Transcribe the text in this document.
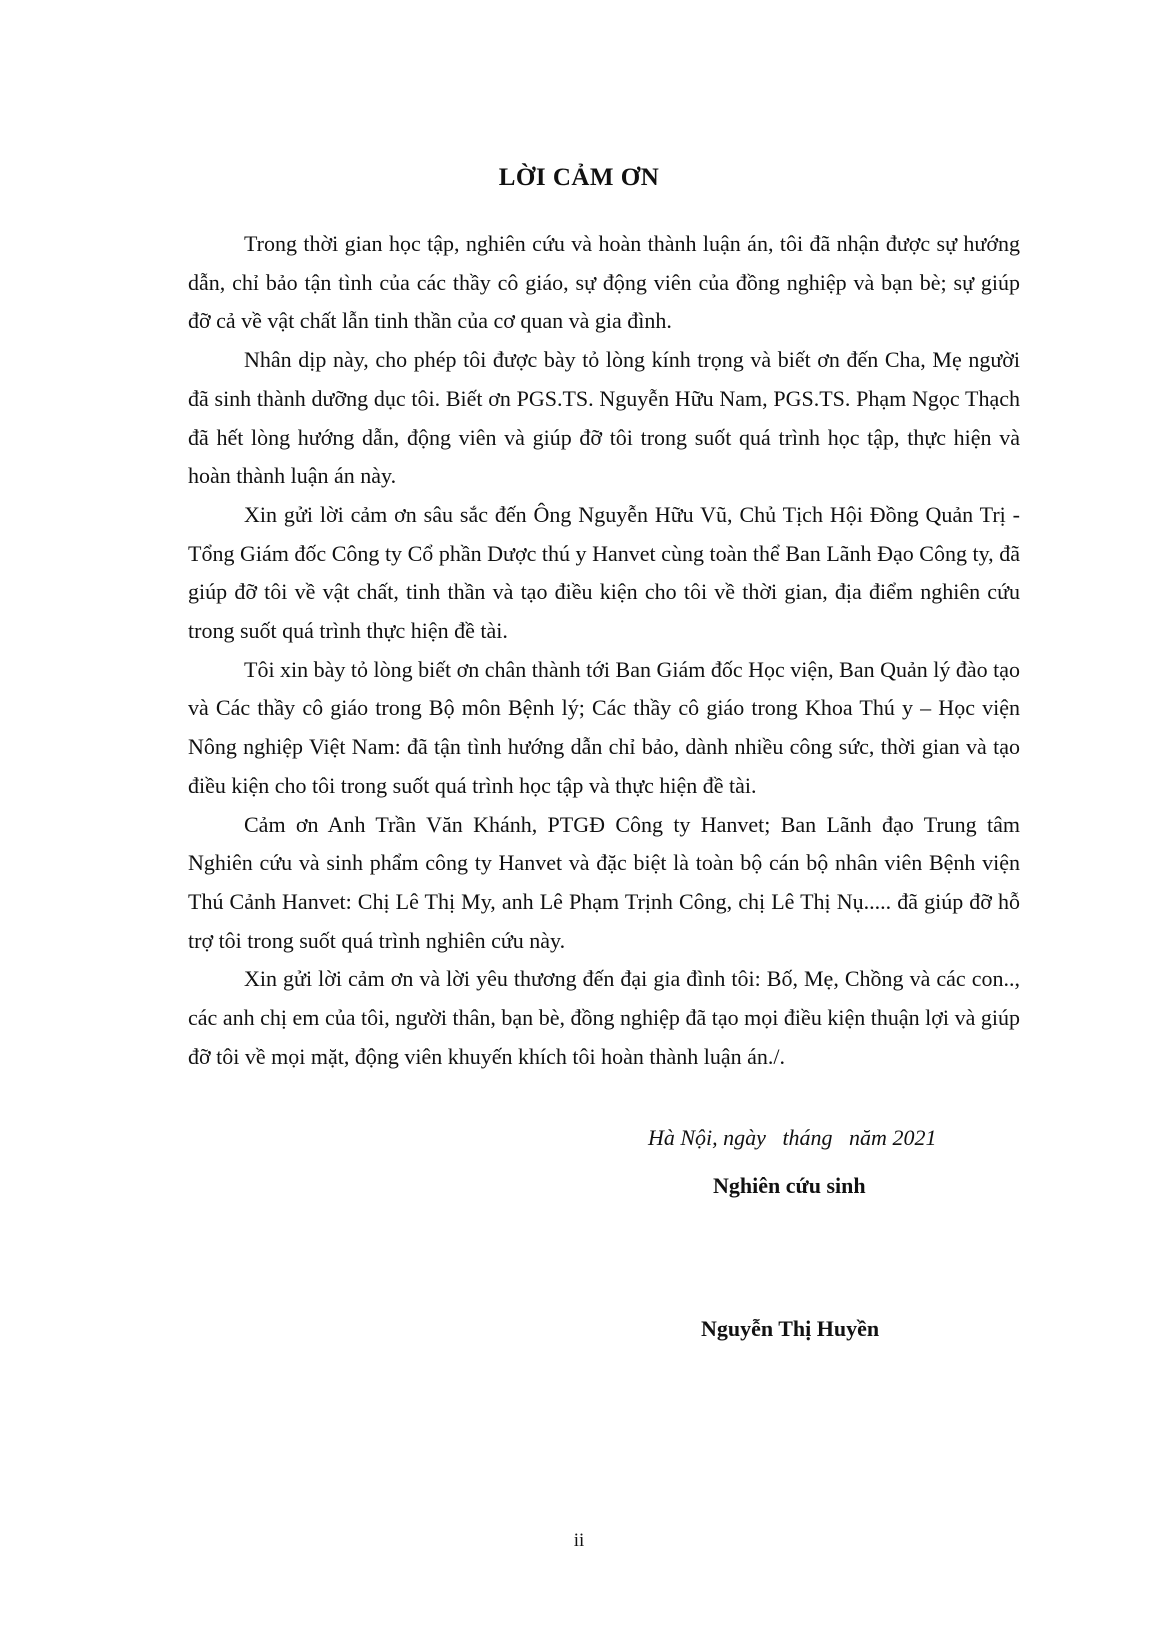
LỜI CẢM ƠN

Trong thời gian học tập, nghiên cứu và hoàn thành luận án, tôi đã nhận được sự hướng dẫn, chỉ bảo tận tình của các thầy cô giáo, sự động viên của đồng nghiệp và bạn bè; sự giúp đỡ cả về vật chất lẫn tinh thần của cơ quan và gia đình.

Nhân dịp này, cho phép tôi được bày tỏ lòng kính trọng và biết ơn đến Cha, Mẹ người đã sinh thành dưỡng dục tôi. Biết ơn PGS.TS. Nguyễn Hữu Nam, PGS.TS. Phạm Ngọc Thạch đã hết lòng hướng dẫn, động viên và giúp đỡ tôi trong suốt quá trình học tập, thực hiện và hoàn thành luận án này.

Xin gửi lời cảm ơn sâu sắc đến Ông Nguyễn Hữu Vũ, Chủ Tịch Hội Đồng Quản Trị - Tổng Giám đốc Công ty Cổ phần Dược thú y Hanvet cùng toàn thể Ban Lãnh Đạo Công ty, đã giúp đỡ tôi về vật chất, tinh thần và tạo điều kiện cho tôi về thời gian, địa điểm nghiên cứu trong suốt quá trình thực hiện đề tài.

Tôi xin bày tỏ lòng biết ơn chân thành tới Ban Giám đốc Học viện, Ban Quản lý đào tạo và Các thầy cô giáo trong Bộ môn Bệnh lý; Các thầy cô giáo trong Khoa Thú y – Học viện Nông nghiệp Việt Nam: đã tận tình hướng dẫn chỉ bảo, dành nhiều công sức, thời gian và tạo điều kiện cho tôi trong suốt quá trình học tập và thực hiện đề tài.

Cảm ơn Anh Trần Văn Khánh, PTGĐ Công ty Hanvet; Ban Lãnh đạo Trung tâm Nghiên cứu và sinh phẩm công ty Hanvet và đặc biệt là toàn bộ cán bộ nhân viên Bệnh viện Thú Cảnh Hanvet: Chị Lê Thị My, anh Lê Phạm Trịnh Công, chị Lê Thị Nụ..... đã giúp đỡ hỗ trợ tôi trong suốt quá trình nghiên cứu này.

Xin gửi lời cảm ơn và lời yêu thương đến đại gia đình tôi: Bố, Mẹ, Chồng và các con.., các anh chị em của tôi, người thân, bạn bè, đồng nghiệp đã tạo mọi điều kiện thuận lợi và giúp đỡ tôi về mọi mặt, động viên khuyến khích tôi hoàn thành luận án./.

Hà Nội, ngày   tháng   năm 2021
Nghiên cứu sinh
Nguyễn Thị Huyền
ii
